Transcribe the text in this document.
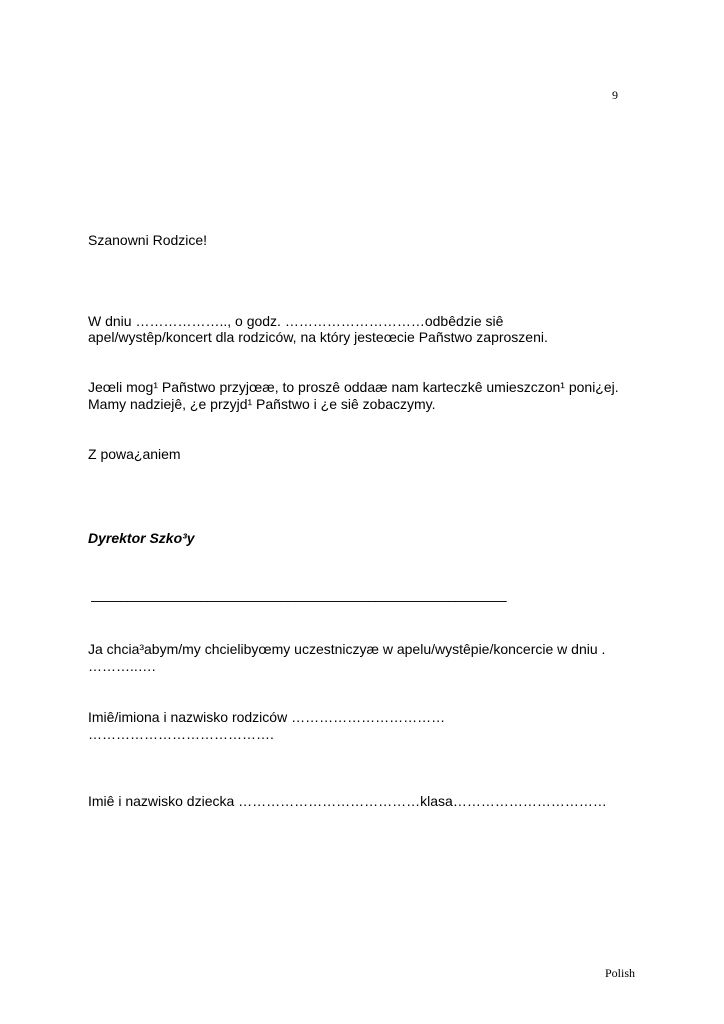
9
Szanowni Rodzice!
W dniu ……………….., o godz. …………………………odbêdzie siê
apel/wystêp/koncert dla rodziców, na który jesteœcie Pañstwo zaproszeni.
Jeœli mog¹ Pañstwo przyjœæ, to proszê oddaæ nam karteczkê umieszczon¹ poni¿ej.
Mamy nadziejê, ¿e przyjd¹ Pañstwo i ¿e siê zobaczymy.
Z powa¿aniem
Dyrektor Szko³y
–––––––––––––––––––––––––––––––––––––––––––––––––––––––––
Ja chcia³abym/my chcielibyœmy uczestniczyæ w apelu/wystêpie/koncercie w dniu .
………..….
Imiê/imiona i nazwisko rodziców ……………………………
………………………………….
Imiê i nazwisko dziecka …………………………………klasa……………………………
Polish
